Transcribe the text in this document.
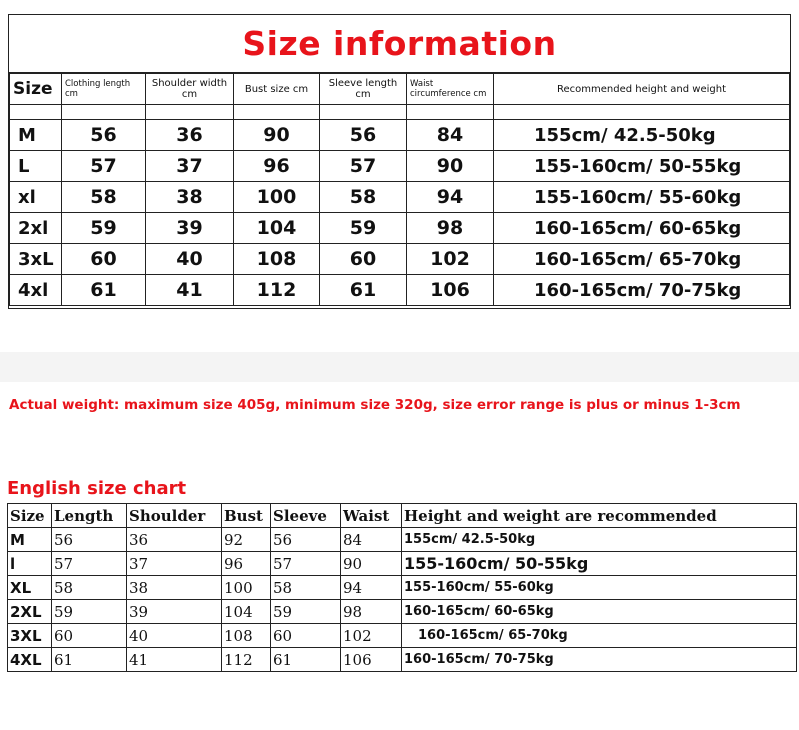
Size information
Size	Clothing length cm	Shoulder width cm	Bust size cm	Sleeve length cm	Waist circumference cm	Recommended height and weight

M	56	36	90	56	84	155cm/ 42.5-50kg
L	57	37	96	57	90	155-160cm/ 50-55kg
xl	58	38	100	58	94	155-160cm/ 55-60kg
2xl	59	39	104	59	98	160-165cm/ 60-65kg
3xL	60	40	108	60	102	160-165cm/ 65-70kg
4xl	61	41	112	61	106	160-165cm/ 70-75kg
Actual weight: maximum size 405g, minimum size 320g, size error range is plus or minus 1-3cm
English size chart
Size	Length	Shoulder	Bust	Sleeve	Waist	Height and weight are recommended
M	56	36	92	56	84	155cm/ 42.5-50kg
l	57	37	96	57	90	155-160cm/ 50-55kg
XL	58	38	100	58	94	155-160cm/ 55-60kg
2XL	59	39	104	59	98	160-165cm/ 60-65kg
3XL	60	40	108	60	102	160-165cm/ 65-70kg
4XL	61	41	112	61	106	160-165cm/ 70-75kg
